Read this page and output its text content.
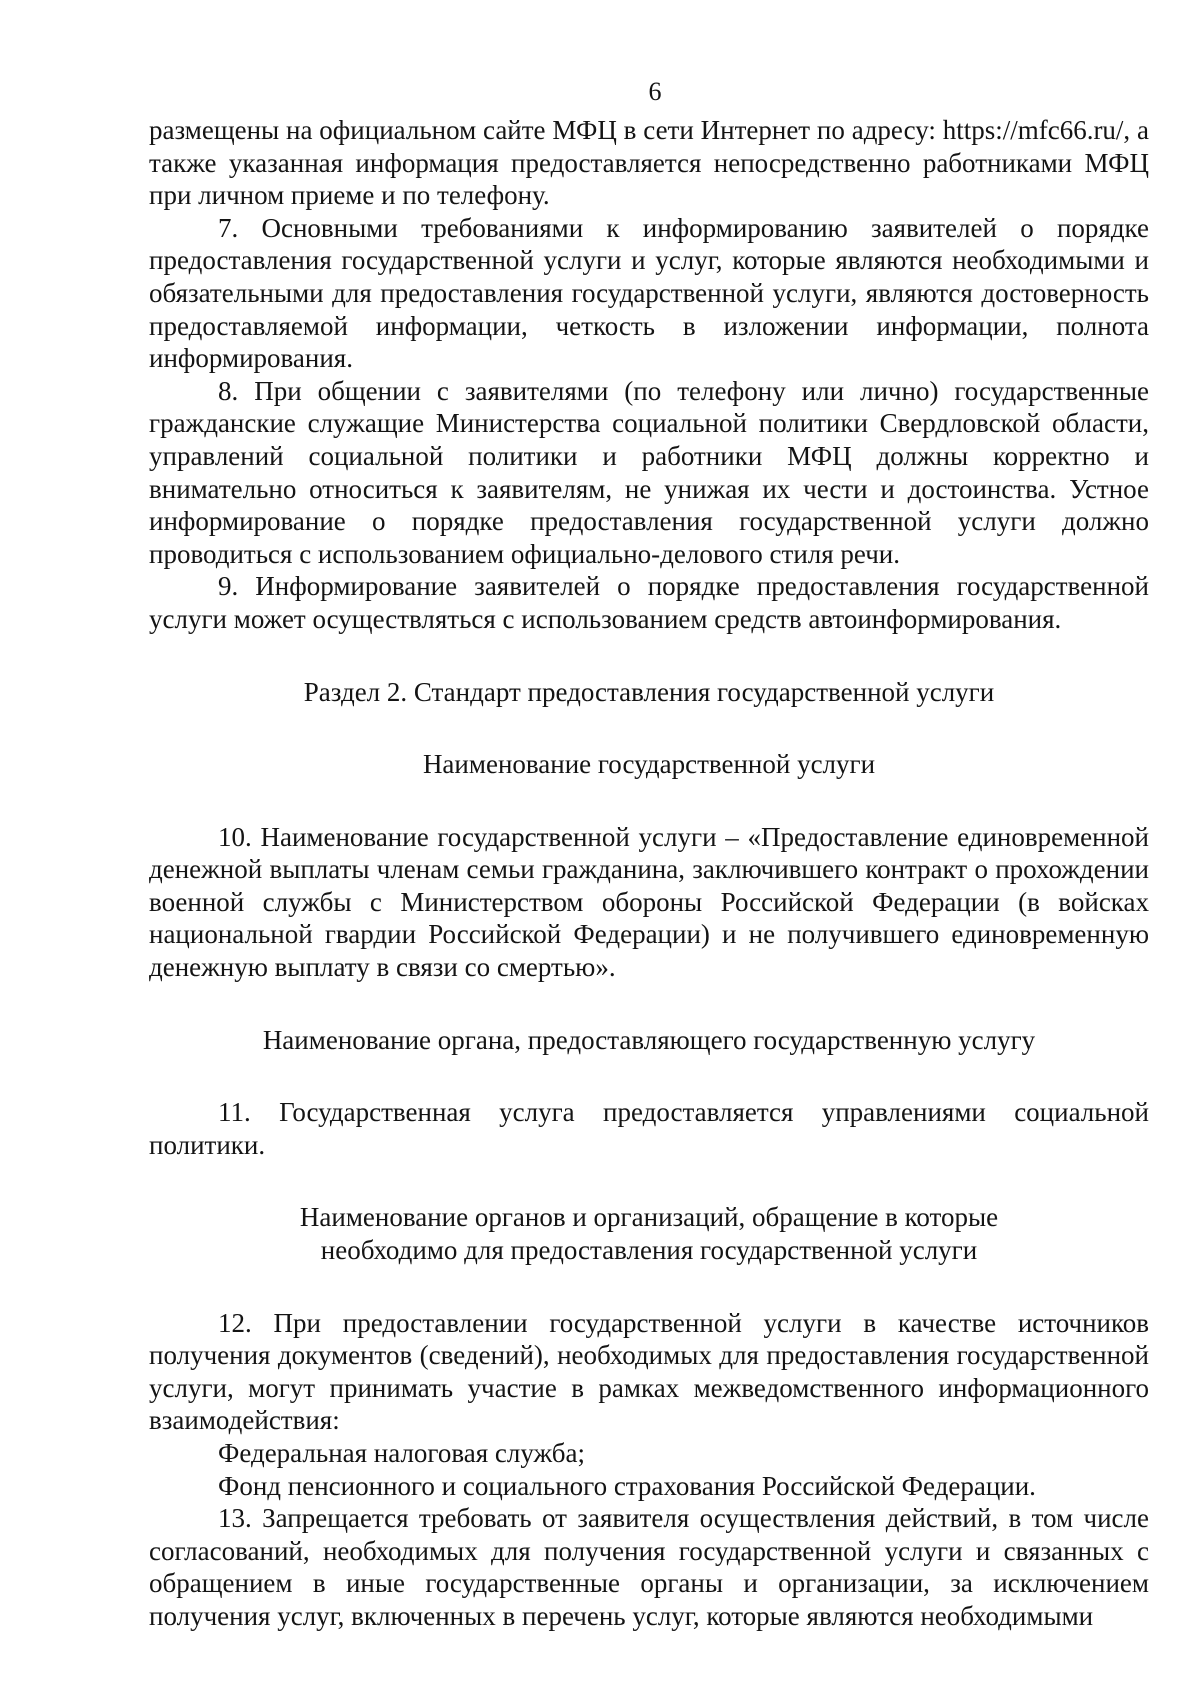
6

размещены на официальном сайте МФЦ в сети Интернет по адресу: https://mfc66.ru/, а также указанная информация предоставляется непосредственно работниками МФЦ при личном приеме и по телефону.

7. Основными требованиями к информированию заявителей о порядке предоставления государственной услуги и услуг, которые являются необходимыми и обязательными для предоставления государственной услуги, являются достоверность предоставляемой информации, четкость в изложении информации, полнота информирования.

8. При общении с заявителями (по телефону или лично) государственные гражданские служащие Министерства социальной политики Свердловской области, управлений социальной политики и работники МФЦ должны корректно и внимательно относиться к заявителям, не унижая их чести и достоинства. Устное информирование о порядке предоставления государственной услуги должно проводиться с использованием официально-делового стиля речи.

9. Информирование заявителей о порядке предоставления государственной услуги может осуществляться с использованием средств автоинформирования.

Раздел 2. Стандарт предоставления государственной услуги

Наименование государственной услуги

10. Наименование государственной услуги – «Предоставление единовременной денежной выплаты членам семьи гражданина, заключившего контракт о прохождении военной службы с Министерством обороны Российской Федерации (в войсках национальной гвардии Российской Федерации) и не получившего единовременную денежную выплату в связи со смертью».

Наименование органа, предоставляющего государственную услугу

11. Государственная услуга предоставляется управлениями социальной политики.

Наименование органов и организаций, обращение в которые
необходимо для предоставления государственной услуги

12. При предоставлении государственной услуги в качестве источников получения документов (сведений), необходимых для предоставления государственной услуги, могут принимать участие в рамках межведомственного информационного взаимодействия:

Федеральная налоговая служба;

Фонд пенсионного и социального страхования Российской Федерации.

13. Запрещается требовать от заявителя осуществления действий, в том числе согласований, необходимых для получения государственной услуги и связанных с обращением в иные государственные органы и организации, за исключением получения услуг, включенных в перечень услуг, которые являются необходимыми
